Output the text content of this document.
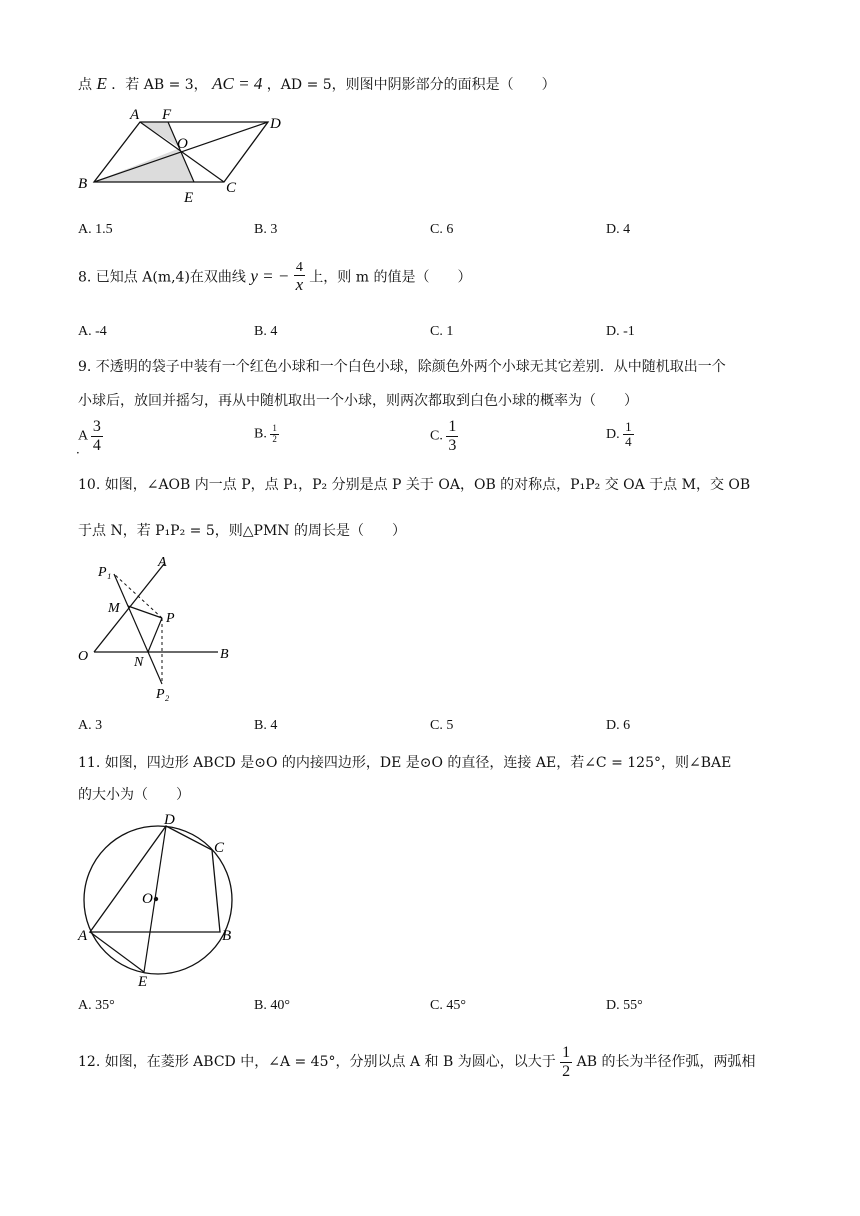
点 E ．若 AB = 3， AC = 4 ，AD = 5，则图中阴影部分的面积是（　　）
A F
D
O
B
E
C
A. 1.5	B. 3	C. 6	D. 4
8. 已知点 A(m,4)在双曲线 y = − $\frac{4}{x}$ 上，则 m 的值是（　　）
A. -4	B. 4	C. 1	D. -1
9. 不透明的袋子中装有一个红色小球和一个白色小球，除颜色外两个小球无其它差别．从中随机取出一个
小球后，放回并摇匀，再从中随机取出一个小球，则两次都取到白色小球的概率为（　　）
A $\frac{3}{4}$
．
B. $\frac{1}{2}$	C. $\frac{1}{3}$	D. $\frac{1}{4}$
10. 如图，∠AOB 内一点 P，点 P₁，P₂ 分别是点 P 关于 OA，OB 的对称点，P₁P₂ 交 OA 于点 M，交 OB
于点 N，若 P₁P₂ = 5，则△PMN 的周长是（　　）
P₁
A
M
P
O	N
B
P₂
A. 3	B. 4	C. 5	D. 6
11. 如图，四边形 ABCD 是⊙O 的内接四边形，DE 是⊙O 的直径，连接 AE，若∠C = 125°，则∠BAE
的大小为（　　）
D
C
O
A	B
E
A. 35°	B. 40°	C. 45°	D. 55°
12. 如图，在菱形 ABCD 中，∠A = 45°，分别以点 A 和 B 为圆心，以大于 $\frac{1}{2}$ AB 的长为半径作弧，两弧相
